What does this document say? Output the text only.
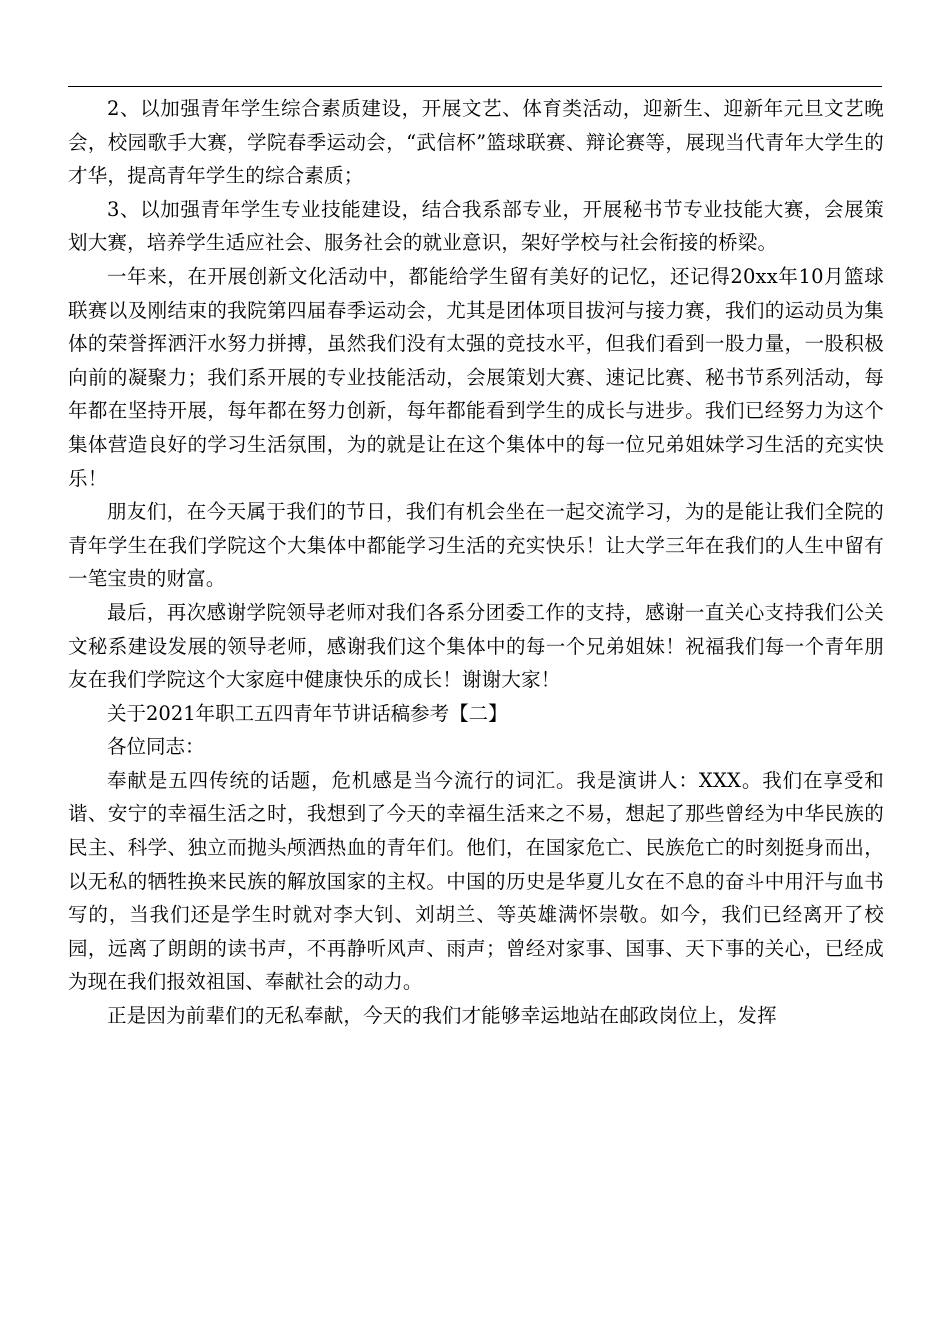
2、以加强青年学生综合素质建设，开展文艺、体育类活动，迎新生、迎新年元旦文艺晚会，校园歌手大赛，学院春季运动会，“武信杯”篮球联赛、辩论赛等，展现当代青年大学生的才华，提高青年学生的综合素质；

3、以加强青年学生专业技能建设，结合我系部专业，开展秘书节专业技能大赛，会展策划大赛，培养学生适应社会、服务社会的就业意识，架好学校与社会衔接的桥梁。

一年来，在开展创新文化活动中，都能给学生留有美好的记忆，还记得20xx年10月篮球联赛以及刚结束的我院第四届春季运动会，尤其是团体项目拔河与接力赛，我们的运动员为集体的荣誉挥洒汗水努力拼搏，虽然我们没有太强的竞技水平，但我们看到一股力量，一股积极向前的凝聚力；我们系开展的专业技能活动，会展策划大赛、速记比赛、秘书节系列活动，每年都在坚持开展，每年都在努力创新，每年都能看到学生的成长与进步。我们已经努力为这个集体营造良好的学习生活氛围，为的就是让在这个集体中的每一位兄弟姐妹学习生活的充实快乐！

朋友们，在今天属于我们的节日，我们有机会坐在一起交流学习，为的是能让我们全院的青年学生在我们学院这个大集体中都能学习生活的充实快乐！让大学三年在我们的人生中留有一笔宝贵的财富。

最后，再次感谢学院领导老师对我们各系分团委工作的支持，感谢一直关心支持我们公关文秘系建设发展的领导老师，感谢我们这个集体中的每一个兄弟姐妹！祝福我们每一个青年朋友在我们学院这个大家庭中健康快乐的成长！谢谢大家！

关于2021年职工五四青年节讲话稿参考【二】

各位同志：

奉献是五四传统的话题，危机感是当今流行的词汇。我是演讲人：XXX。我们在享受和谐、安宁的幸福生活之时，我想到了今天的幸福生活来之不易，想起了那些曾经为中华民族的民主、科学、独立而抛头颅洒热血的青年们。他们，在国家危亡、民族危亡的时刻挺身而出，以无私的牺牲换来民族的解放国家的主权。中国的历史是华夏儿女在不息的奋斗中用汗与血书写的，当我们还是学生时就对李大钊、刘胡兰、等英雄满怀崇敬。如今，我们已经离开了校园，远离了朗朗的读书声，不再静听风声、雨声；曾经对家事、国事、天下事的关心，已经成为现在我们报效祖国、奉献社会的动力。

正是因为前辈们的无私奉献，今天的我们才能够幸运地站在邮政岗位上，发挥
